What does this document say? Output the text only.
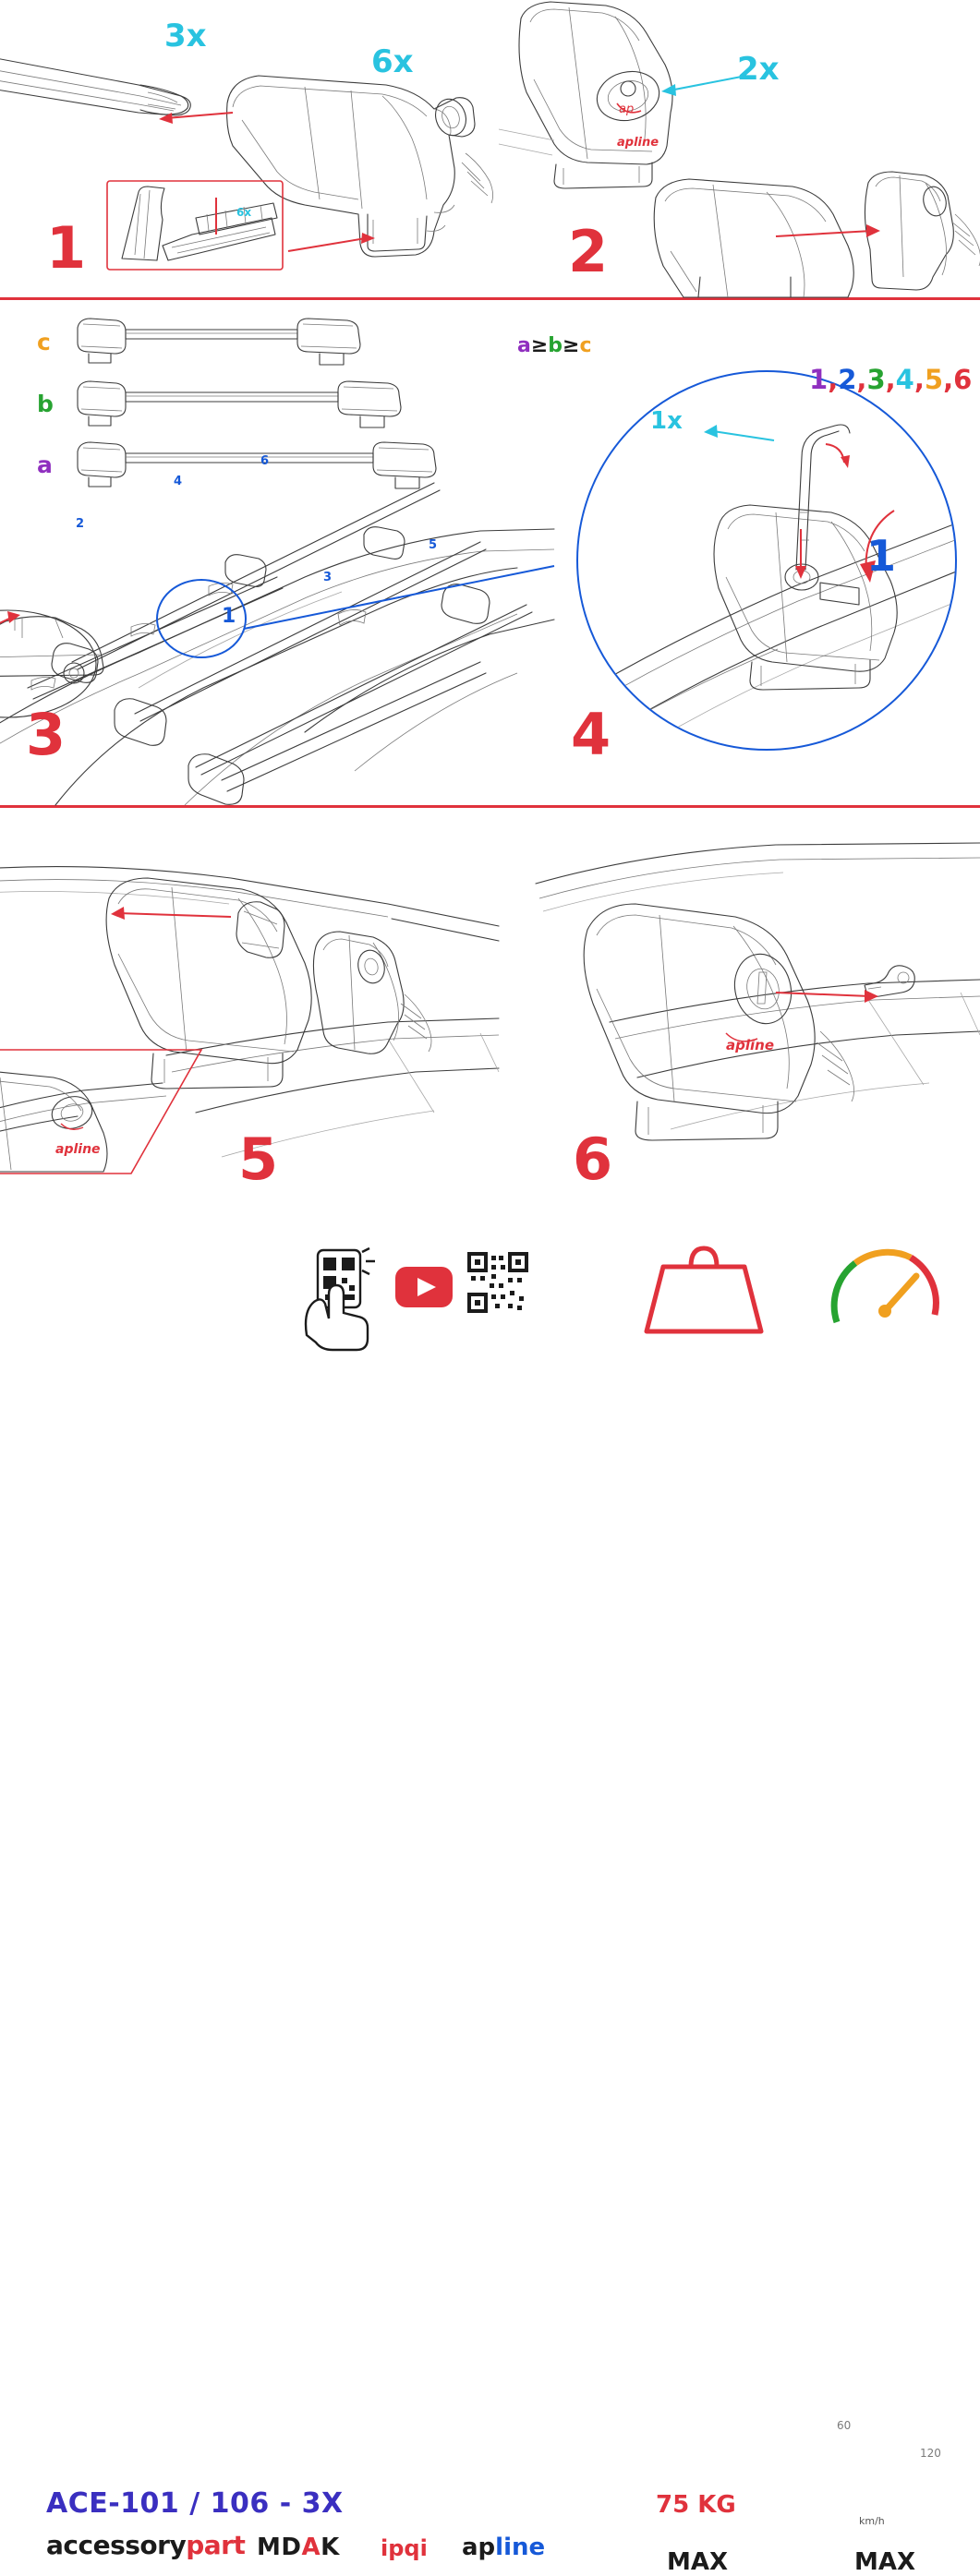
6x
3x
6x
1
ap
apline
2x
2
c
b
a
2
4
6
3
5
1
3
a≥b≥c
1x
1,2,3,4,5,6
1
4
apline 5
apline
6
ACE-101 / 106 - 3X
accessorypart MDAK ipqi apline
75 KG
MAX	MAX
km/h
60
120
